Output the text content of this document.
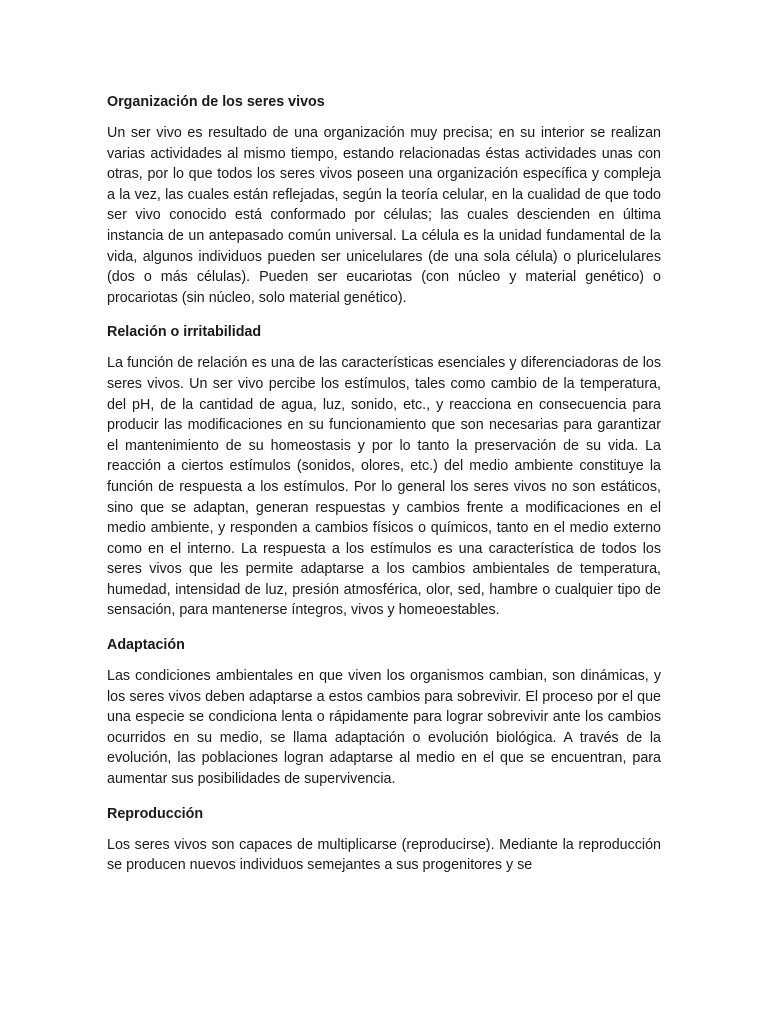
Organización de los seres vivos

Un ser vivo es resultado de una organización muy precisa; en su interior se realizan varias actividades al mismo tiempo, estando relacionadas éstas actividades unas con otras, por lo que todos los seres vivos poseen una organización específica y compleja a la vez, las cuales están reflejadas, según la teoría celular, en la cualidad de que todo ser vivo conocido está conformado por células; las cuales descienden en última instancia de un antepasado común universal. La célula es la unidad fundamental de la vida, algunos individuos pueden ser unicelulares (de una sola célula) o pluricelulares (dos o más células). Pueden ser eucariotas (con núcleo y material genético) o procariotas (sin núcleo, solo material genético).

Relación o irritabilidad

La función de relación es una de las características esenciales y diferenciadoras de los seres vivos. Un ser vivo percibe los estímulos, tales como cambio de la temperatura, del pH, de la cantidad de agua, luz, sonido, etc., y reacciona en consecuencia para producir las modificaciones en su funcionamiento que son necesarias para garantizar el mantenimiento de su homeostasis y por lo tanto la preservación de su vida. La reacción a ciertos estímulos (sonidos, olores, etc.) del medio ambiente constituye la función de respuesta a los estímulos. Por lo general los seres vivos no son estáticos, sino que se adaptan, generan respuestas y cambios frente a modificaciones en el medio ambiente, y responden a cambios físicos o químicos, tanto en el medio externo como en el interno. La respuesta a los estímulos es una característica de todos los seres vivos que les permite adaptarse a los cambios ambientales de temperatura, humedad, intensidad de luz, presión atmosférica, olor, sed, hambre o cualquier tipo de sensación, para mantenerse íntegros, vivos y homeoestables.

Adaptación

Las condiciones ambientales en que viven los organismos cambian, son dinámicas, y los seres vivos deben adaptarse a estos cambios para sobrevivir. El proceso por el que una especie se condiciona lenta o rápidamente para lograr sobrevivir ante los cambios ocurridos en su medio, se llama adaptación o evolución biológica. A través de la evolución, las poblaciones logran adaptarse al medio en el que se encuentran, para aumentar sus posibilidades de supervivencia.

Reproducción

Los seres vivos son capaces de multiplicarse (reproducirse). Mediante la reproducción se producen nuevos individuos semejantes a sus progenitores y se
